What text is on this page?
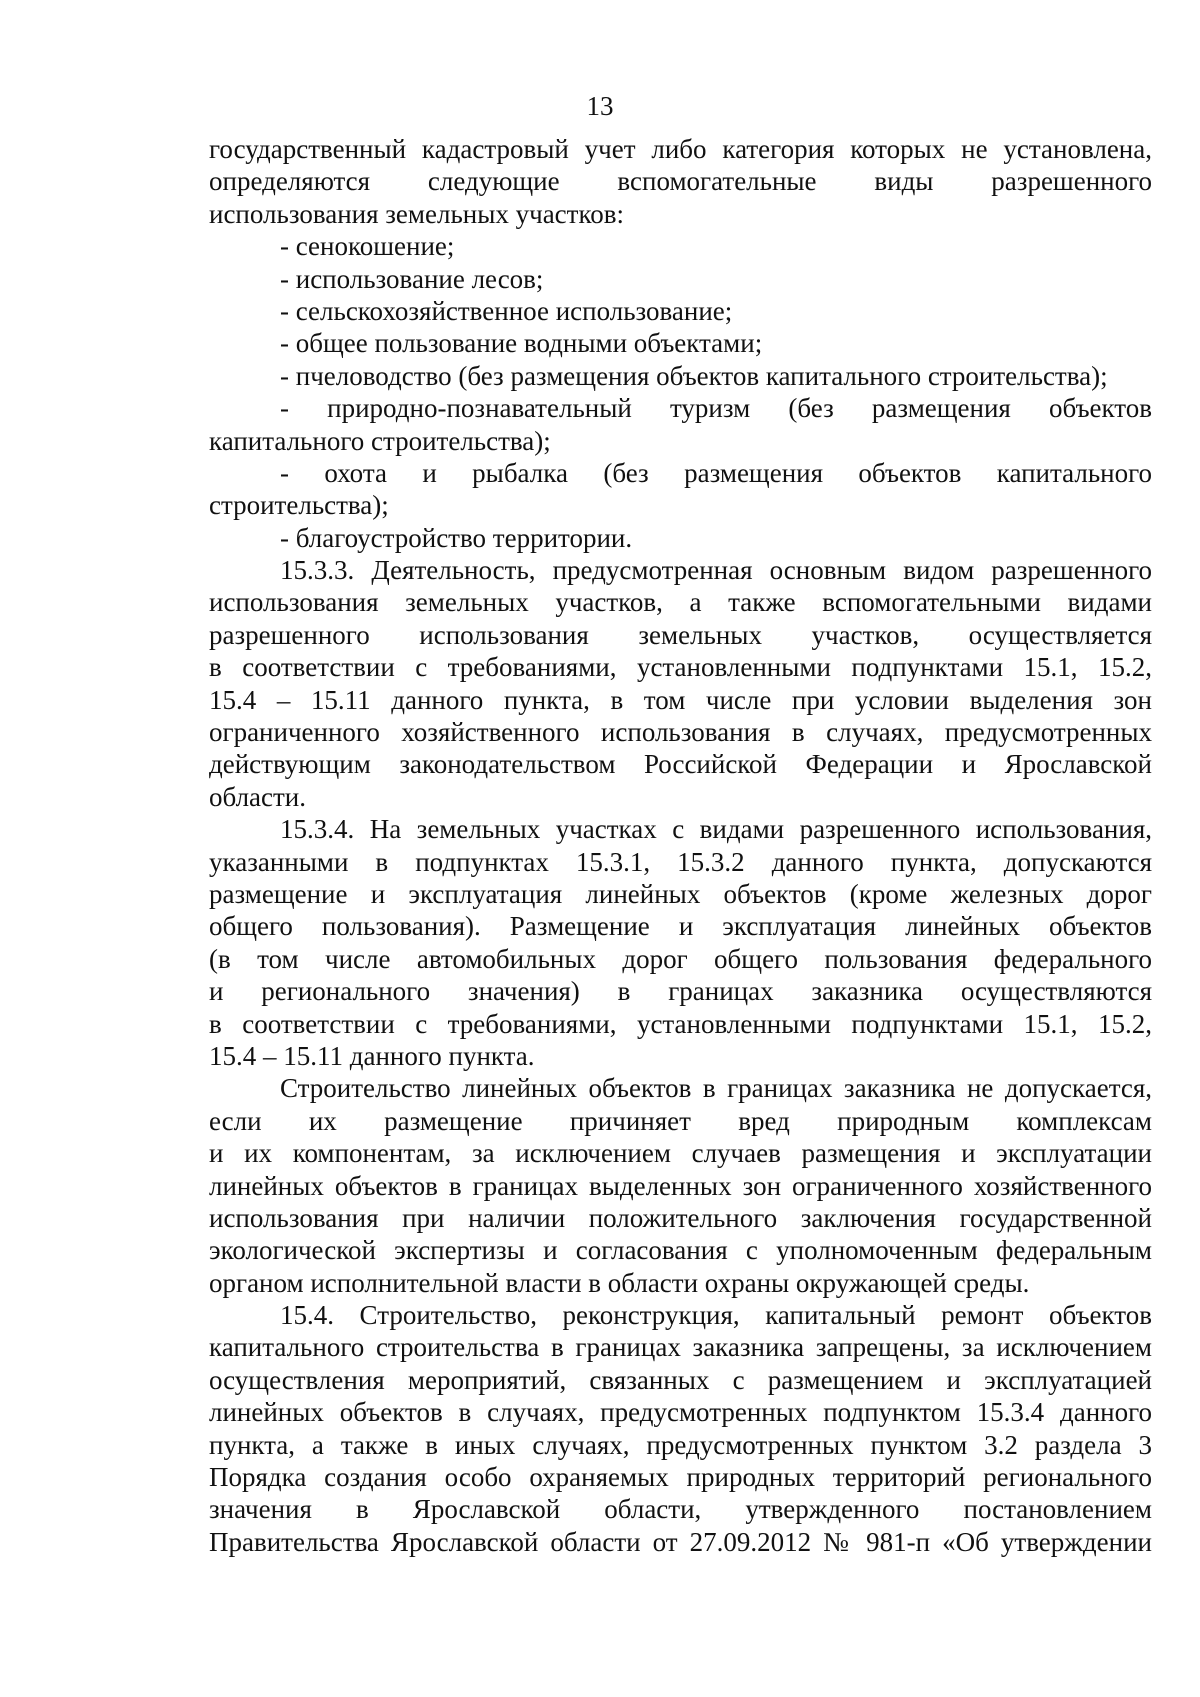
13
государственный кадастровый учет либо категория которых не установлена,
определяются следующие вспомогательные виды разрешенного
использования земельных участков:
- сенокошение;
- использование лесов;
- сельскохозяйственное использование;
- общее пользование водными объектами;
- пчеловодство (без размещения объектов капитального строительства);
- природно-познавательный туризм (без размещения объектов
капитального строительства);
- охота и рыбалка (без размещения объектов капитального
строительства);
- благоустройство территории.
15.3.3. Деятельность, предусмотренная основным видом разрешенного
использования земельных участков, а также вспомогательными видами
разрешенного использования земельных участков, осуществляется
в соответствии с требованиями, установленными подпунктами 15.1, 15.2,
15.4 – 15.11 данного пункта, в том числе при условии выделения зон
ограниченного хозяйственного использования в случаях, предусмотренных
действующим законодательством Российской Федерации и Ярославской
области.
15.3.4. На земельных участках с видами разрешенного использования,
указанными в подпунктах 15.3.1, 15.3.2 данного пункта, допускаются
размещение и эксплуатация линейных объектов (кроме железных дорог
общего пользования). Размещение и эксплуатация линейных объектов
(в том числе автомобильных дорог общего пользования федерального
и регионального значения) в границах заказника осуществляются
в соответствии с требованиями, установленными подпунктами 15.1, 15.2,
15.4 – 15.11 данного пункта.
Строительство линейных объектов в границах заказника не допускается,
если их размещение причиняет вред природным комплексам
и их компонентам, за исключением случаев размещения и эксплуатации
линейных объектов в границах выделенных зон ограниченного хозяйственного
использования при наличии положительного заключения государственной
экологической экспертизы и согласования с уполномоченным федеральным
органом исполнительной власти в области охраны окружающей среды.
15.4. Строительство, реконструкция, капитальный ремонт объектов
капитального строительства в границах заказника запрещены, за исключением
осуществления мероприятий, связанных с размещением и эксплуатацией
линейных объектов в случаях, предусмотренных подпунктом 15.3.4 данного
пункта, а также в иных случаях, предусмотренных пунктом 3.2 раздела 3
Порядка создания особо охраняемых природных территорий регионального
значения в Ярославской области, утвержденного постановлением
Правительства Ярославской области от 27.09.2012 № 981-п «Об утверждении
